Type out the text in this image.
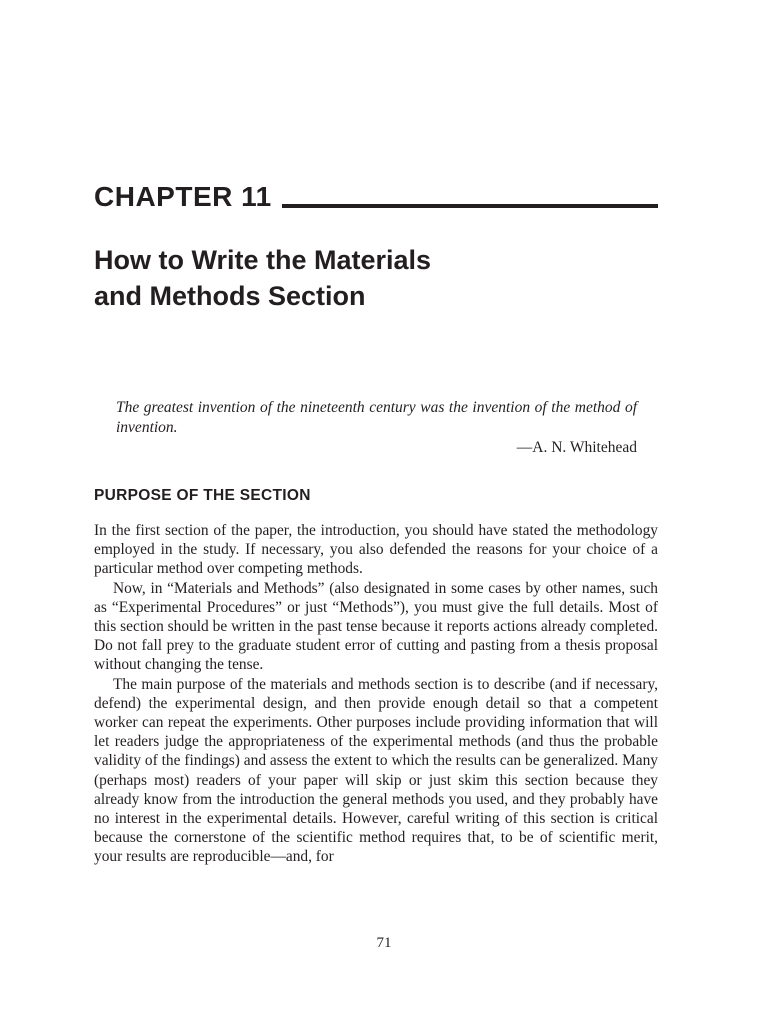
CHAPTER 11
How to Write the Materials
and Methods Section
The greatest invention of the nineteenth century was the invention of the method of invention.
—A. N. Whitehead
PURPOSE OF THE SECTION

In the first section of the paper, the introduction, you should have stated the methodology employed in the study. If necessary, you also defended the reasons for your choice of a particular method over competing methods.

Now, in “Materials and Methods” (also designated in some cases by other names, such as “Experimental Procedures” or just “Methods”), you must give the full details. Most of this section should be written in the past tense because it reports actions already completed. Do not fall prey to the graduate student error of cutting and pasting from a thesis proposal without changing the tense.

The main purpose of the materials and methods section is to describe (and if necessary, defend) the experimental design, and then provide enough detail so that a competent worker can repeat the experiments. Other purposes include providing information that will let readers judge the appropriateness of the experimental methods (and thus the probable validity of the findings) and assess the extent to which the results can be generalized. Many (perhaps most) readers of your paper will skip or just skim this section because they already know from the introduction the general methods you used, and they probably have no interest in the experimental details. However, careful writing of this section is critical because the cornerstone of the scientific method requires that, to be of scientific merit, your results are reproducible—and, for

71
